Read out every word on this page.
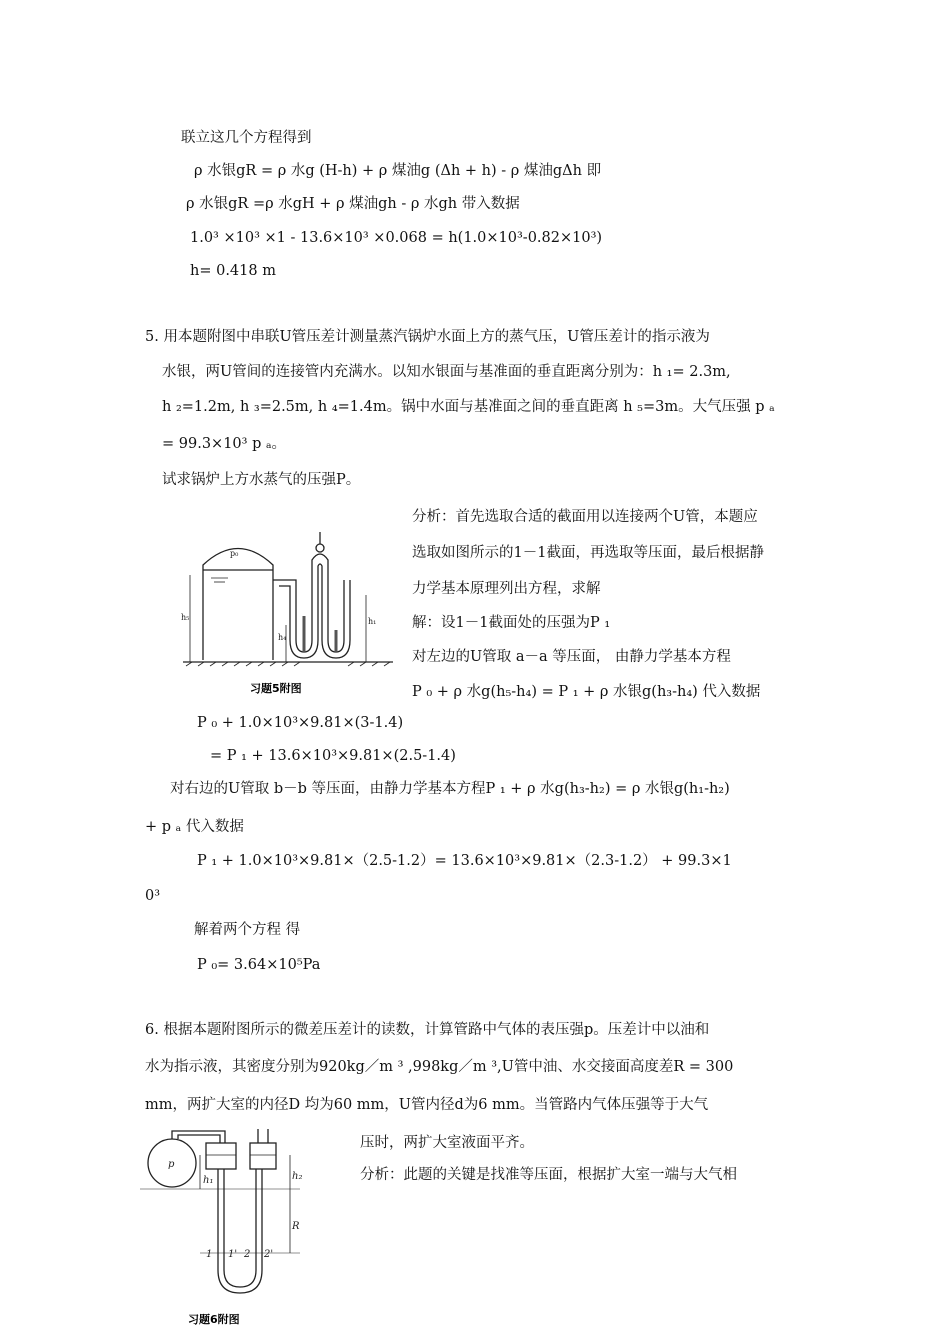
联立这几个方程得到
ρ 水银gR = ρ 水g (H-h) + ρ 煤油g (Δh + h) - ρ 煤油gΔh 即
ρ 水银gR =ρ 水gH + ρ 煤油gh - ρ 水gh 带入数据
1.0³ ×10³ ×1 - 13.6×10³ ×0.068 = h(1.0×10³-0.82×10³)
h= 0.418 m
5. 用本题附图中串联U管压差计测量蒸汽锅炉水面上方的蒸气压，U管压差计的指示液为
水银，两U管间的连接管内充满水。以知水银面与基准面的垂直距离分别为：h ₁= 2.3m,
h ₂=1.2m, h ₃=2.5m, h ₄=1.4m。锅中水面与基准面之间的垂直距离 h ₅=3m。大气压强 p ₐ
= 99.3×10³ p ₐ。
试求锅炉上方水蒸气的压强P。
p₀
h₅
h₄
h₁
习题5附图
分析：首先选取合适的截面用以连接两个U管，本题应
选取如图所示的1－1截面，再选取等压面，最后根据静
力学基本原理列出方程，求解
解：设1－1截面处的压强为P ₁
对左边的U管取 a－a 等压面， 由静力学基本方程
P ₀ + ρ 水g(h₅-h₄) = P ₁ + ρ 水银g(h₃-h₄) 代入数据
P ₀ + 1.0×10³×9.81×(3-1.4)
= P ₁ + 13.6×10³×9.81×(2.5-1.4)
对右边的U管取 b－b 等压面，由静力学基本方程P ₁ + ρ 水g(h₃-h₂) = ρ 水银g(h₁-h₂)
+ p ₐ 代入数据
P ₁ + 1.0×10³×9.81×（2.5-1.2）= 13.6×10³×9.81×（2.3-1.2） + 99.3×1
0³
解着两个方程 得
P ₀= 3.64×10⁵Pa
6. 根据本题附图所示的微差压差计的读数，计算管路中气体的表压强p。压差计中以油和
水为指示液，其密度分别为920kg／m ³ ,998kg／m ³,U管中油、水交接面高度差R = 300
mm，两扩大室的内径D 均为60 mm，U管内径d为6 mm。当管路内气体压强等于大气
压时，两扩大室液面平齐。
分析：此题的关键是找准等压面，根据扩大室一端与大气相
p
h₁	h₂
R
1 1' 2 2'
习题6附图
